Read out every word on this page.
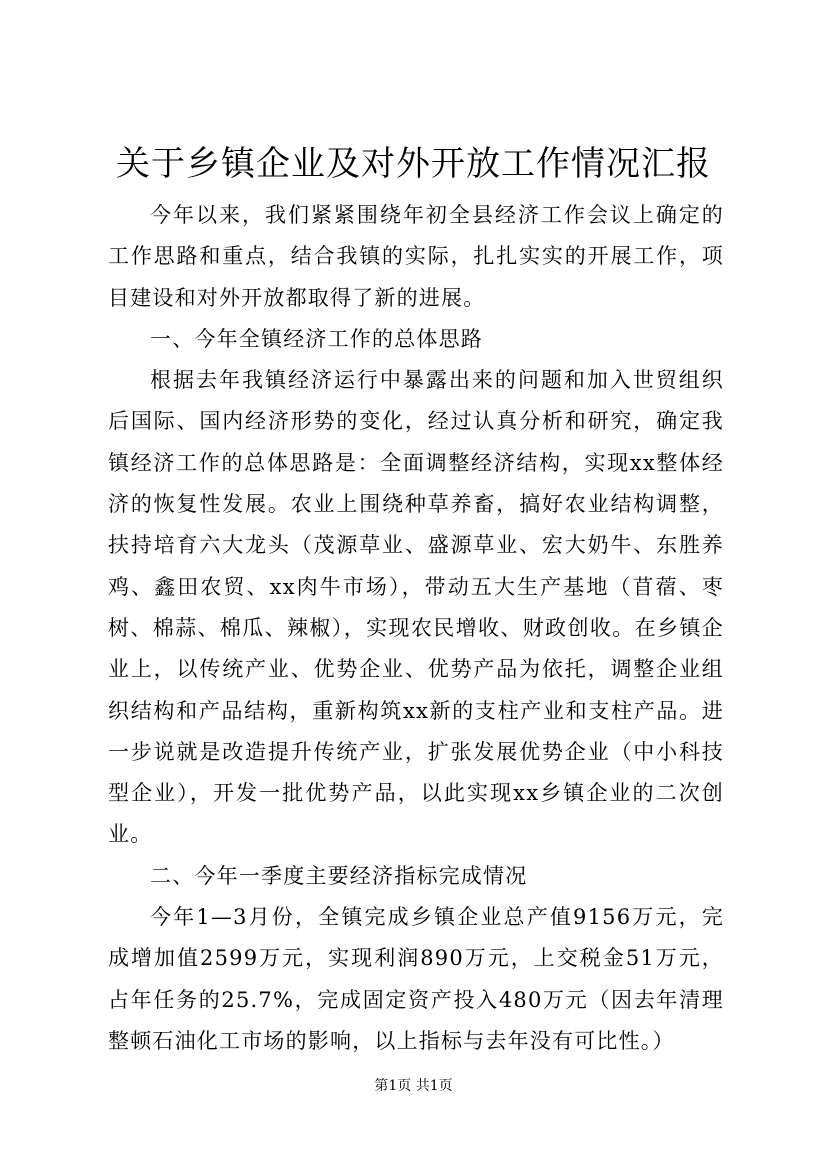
关于乡镇企业及对外开放工作情况汇报

今年以来，我们紧紧围绕年初全县经济工作会议上确定的工作思路和重点，结合我镇的实际，扎扎实实的开展工作，项目建设和对外开放都取得了新的进展。

一、今年全镇经济工作的总体思路

根据去年我镇经济运行中暴露出来的问题和加入世贸组织后国际、国内经济形势的变化，经过认真分析和研究，确定我镇经济工作的总体思路是：全面调整经济结构，实现xx整体经济的恢复性发展。农业上围绕种草养畜，搞好农业结构调整，扶持培育六大龙头（茂源草业、盛源草业、宏大奶牛、东胜养鸡、鑫田农贸、xx肉牛市场），带动五大生产基地（苜蓿、枣树、棉蒜、棉瓜、辣椒），实现农民增收、财政创收。在乡镇企业上，以传统产业、优势企业、优势产品为依托，调整企业组织结构和产品结构，重新构筑xx新的支柱产业和支柱产品。进一步说就是改造提升传统产业，扩张发展优势企业（中小科技型企业），开发一批优势产品，以此实现xx乡镇企业的二次创业。

二、今年一季度主要经济指标完成情况

今年1—3月份，全镇完成乡镇企业总产值9156万元，完成增加值2599万元，实现利润890万元，上交税金51万元，占年任务的25.7%，完成固定资产投入480万元（因去年清理整顿石油化工市场的影响，以上指标与去年没有可比性。）

第1页 共1页
